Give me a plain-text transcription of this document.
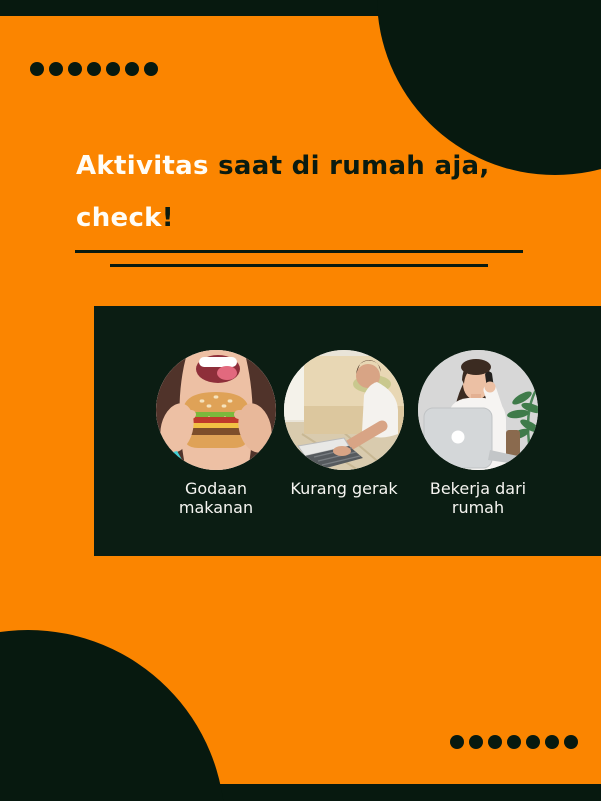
Aktivitas saat di rumah aja,
check!
Godaan
makanan
Kurang gerak	Bekerja dari
rumah
